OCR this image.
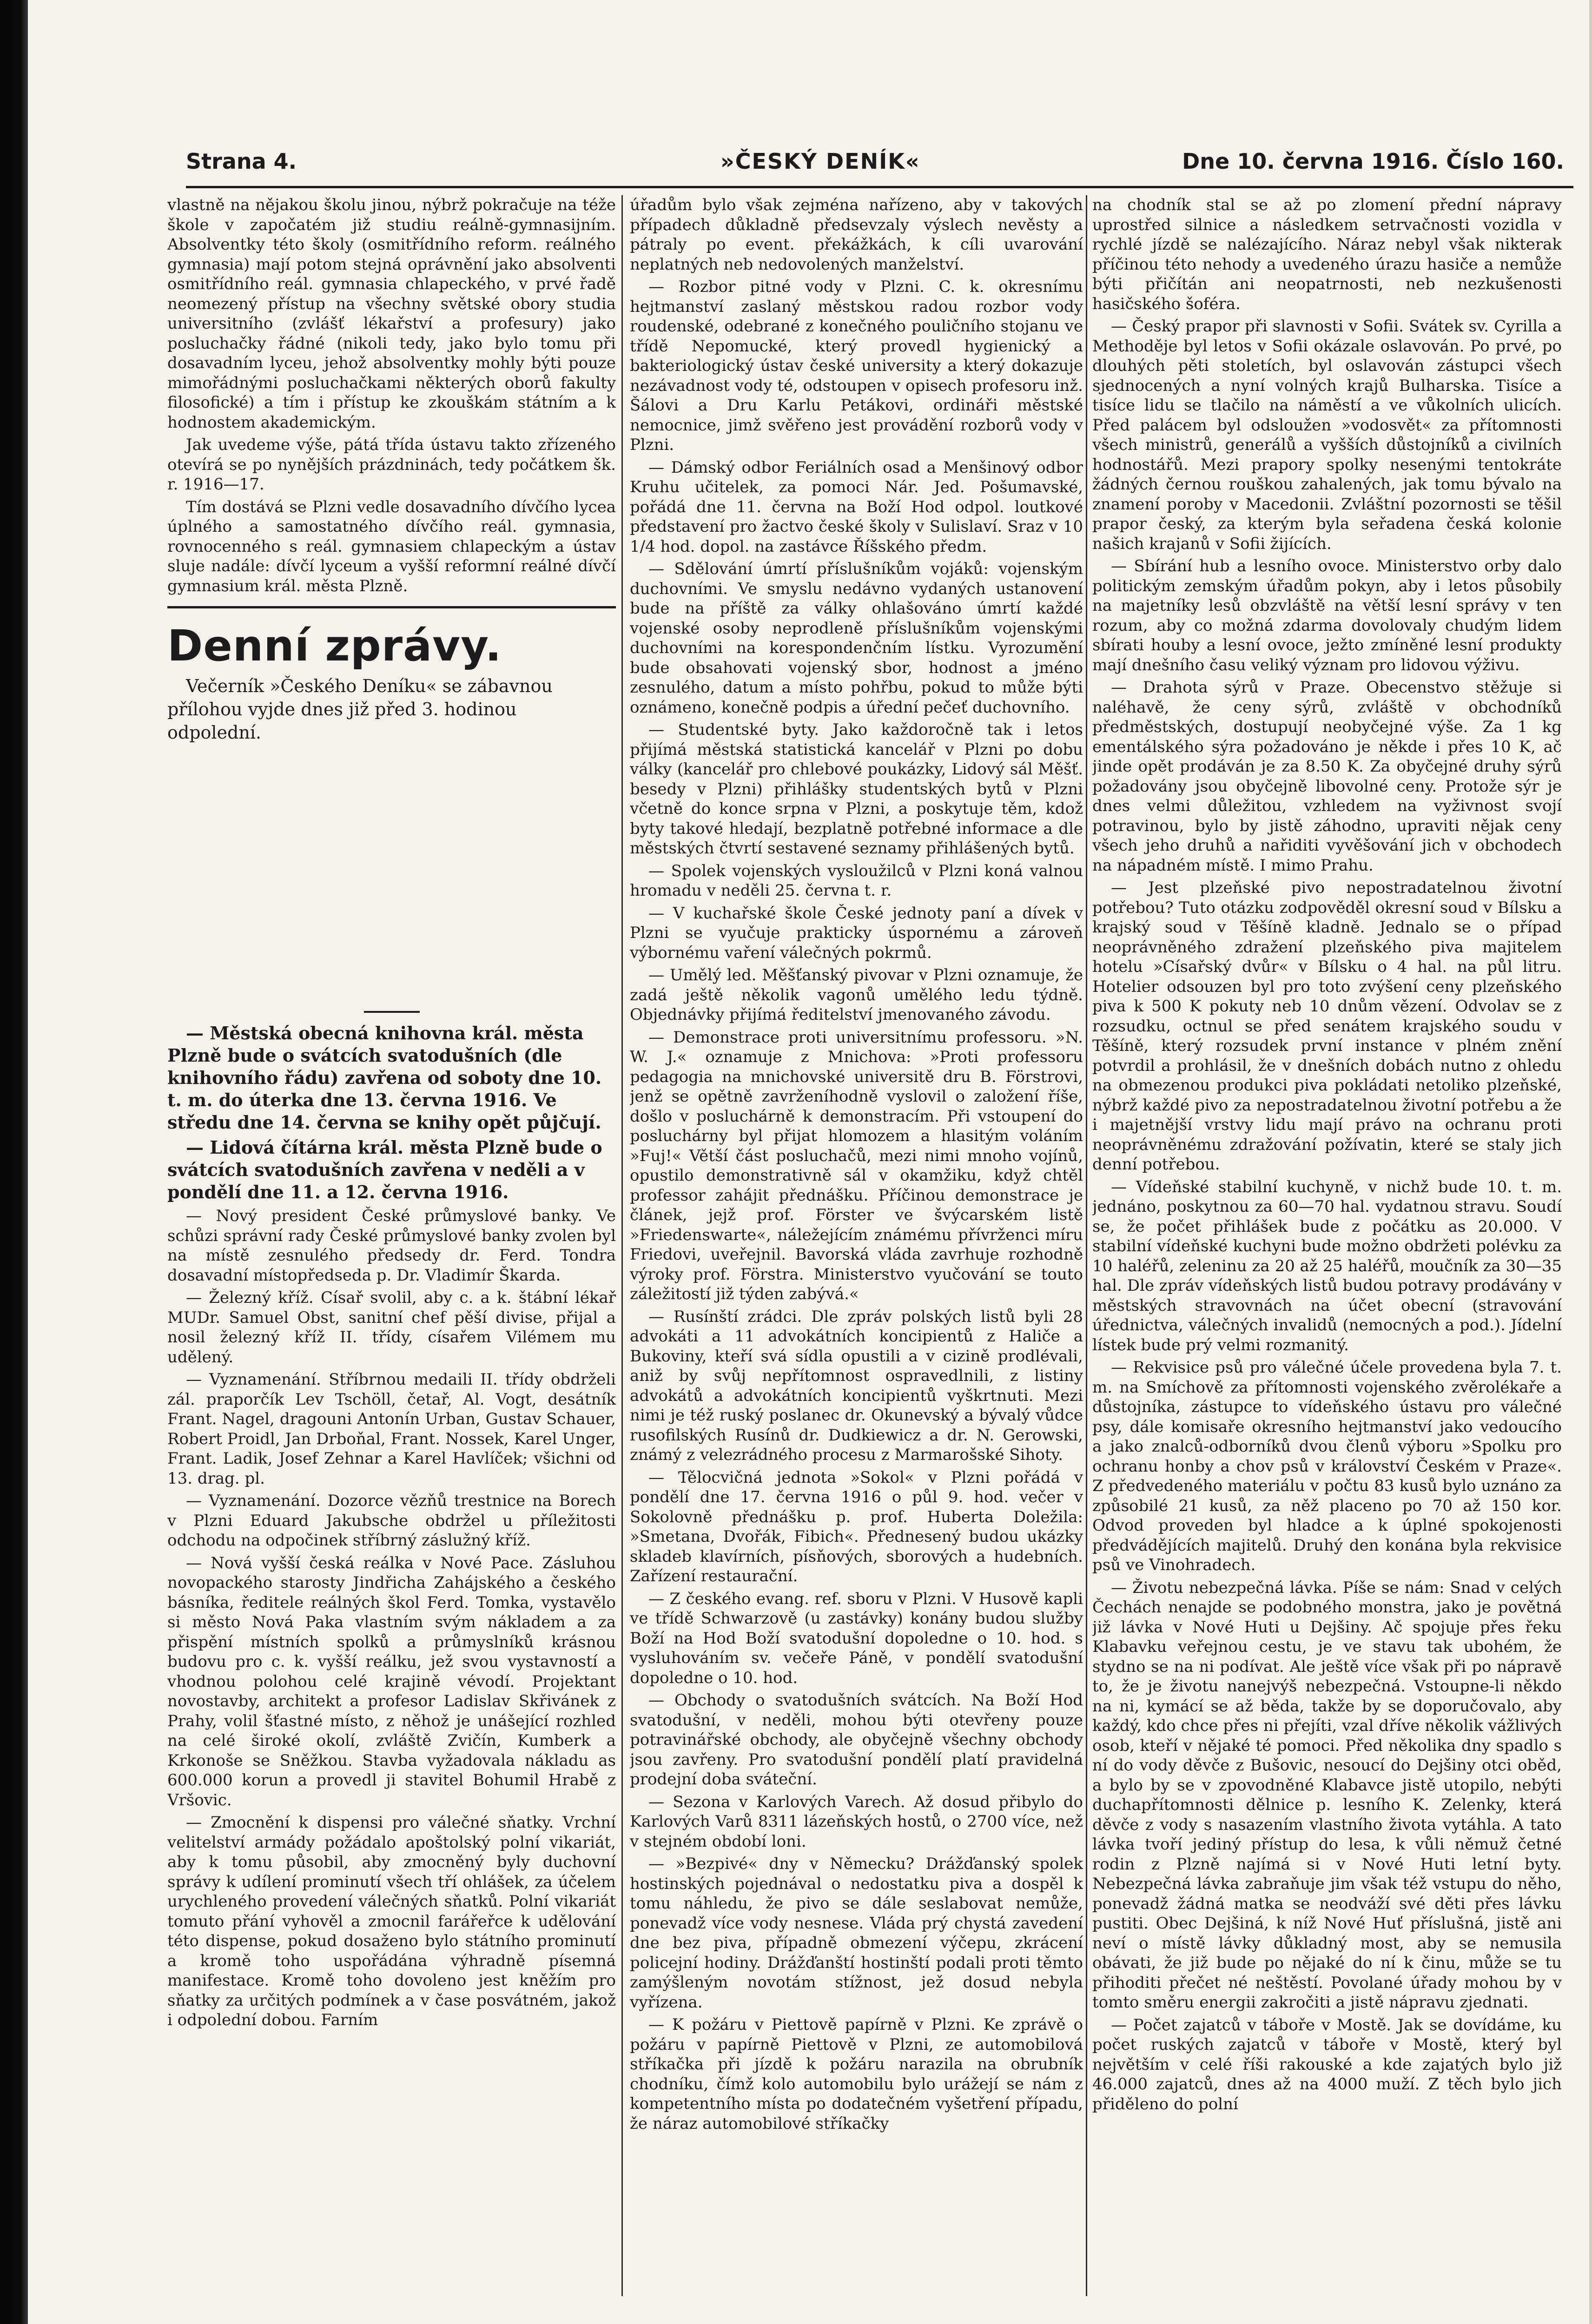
Strana 4.	»ČESKÝ DENÍK«	Dne 10. června 1916. Číslo 160.

vlastně na nějakou školu jinou, nýbrž pokračuje na téže škole v započatém již studiu reálně-gymnasijním. Absolventky této školy (osmitřídního reform. reálného gymnasia) mají potom stejná oprávnění jako absolventi osmitřídního reál. gymnasia chlapeckého, v prvé řadě neomezený přístup na všechny světské obory studia universitního (zvlášť lékařství a profesury) jako posluchačky řádné (nikoli tedy, jako bylo tomu při dosavadním lyceu, jehož absolventky mohly býti pouze mimořádnými posluchačkami některých oborů fakulty filosofické) a tím i přístup ke zkouškám státním a k hodnostem akademickým.

Jak uvedeme výše, pátá třída ústavu takto zřízeného otevírá se po nynějších prázdninách, tedy počátkem šk. r. 1916—17.

Tím dostává se Plzni vedle dosavadního dívčího lycea úplného a samostatného dívčího reál. gymnasia, rovnocenného s reál. gymnasiem chlapeckým a ústav sluje nadále: dívčí lyceum a vyšší reformní reálné dívčí gymnasium král. města Plzně.

Denní zprávy.

Večerník »Českého Deníku« se zábavnou přílohou vyjde dnes již před 3. hodinou odpolední.

— Městská obecná knihovna král. města Plzně bude o svátcích svatodušních (dle knihovního řádu) zavřena od soboty dne 10. t. m. do úterka dne 13. června 1916. Ve středu dne 14. června se knihy opět půjčují.

— Lidová čítárna král. města Plzně bude o svátcích svatodušních zavřena v neděli a v pondělí dne 11. a 12. června 1916.

— Nový president České průmyslové banky. Ve schůzi správní rady České průmyslové banky zvolen byl na místě zesnulého předsedy dr. Ferd. Tondra dosavadní místopředseda p. Dr. Vladimír Škarda.

— Železný kříž. Císař svolil, aby c. a k. štábní lékař MUDr. Samuel Obst, sanitní chef pěší divise, přijal a nosil železný kříž II. třídy, císařem Vilémem mu udělený.

— Vyznamenání. Stříbrnou medaili II. třídy obdrželi zál. praporčík Lev Tschöll, četař, Al. Vogt, desátník Frant. Nagel, dragouni Antonín Urban, Gustav Schauer, Robert Proidl, Jan Drboňal, Frant. Nossek, Karel Unger, Frant. Ladik, Josef Zehnar a Karel Havlíček; všichni od 13. drag. pl.

— Vyznamenání. Dozorce vězňů trestnice na Borech v Plzni Eduard Jakubsche obdržel u příležitosti odchodu na odpočinek stříbrný záslužný kříž.

— Nová vyšší česká reálka v Nové Pace. Zásluhou novopackého starosty Jindřicha Zahájského a českého básníka, ředitele reálných škol Ferd. Tomka, vystavělo si město Nová Paka vlastním svým nákladem a za přispění místních spolků a průmyslníků krásnou budovu pro c. k. vyšší reálku, jež svou vystavností a vhodnou polohou celé krajině vévodí. Projektant novostavby, architekt a profesor Ladislav Skřivánek z Prahy, volil šťastné místo, z něhož je unášející rozhled na celé široké okolí, zvláště Zvičín, Kumberk a Krkonoše se Sněžkou. Stavba vyžadovala nákladu as 600.000 korun a provedl ji stavitel Bohumil Hrabě z Vršovic.

— Zmocnění k dispensi pro válečné sňatky. Vrchní velitelství armády požádalo apoštolský polní vikariát, aby k tomu působil, aby zmocněný byly duchovní správy k udílení prominutí všech tří ohlášek, za účelem urychleného provedení válečných sňatků. Polní vikariát tomuto přání vyhověl a zmocnil farářeřce k udělování této dispense, pokud dosaženo bylo státního prominutí a kromě toho uspořádána výhradně písemná manifestace. Kromě toho dovoleno jest kněžím pro sňatky za určitých podmínek a v čase posvátném, jakož i odpolední dobou. Farním

úřadům bylo však zejména nařízeno, aby v takových případech důkladně předsevzaly výslech nevěsty a pátraly po event. překážkách, k cíli uvarování neplatných neb nedovolených manželství.

— Rozbor pitné vody v Plzni. C. k. okresnímu hejtmanství zaslaný městskou radou rozbor vody roudenské, odebrané z konečného pouličního stojanu ve třídě Nepomucké, který provedl hygienický a bakteriologický ústav české university a který dokazuje nezávadnost vody té, odstoupen v opisech profesoru inž. Šálovi a Dru Karlu Petákovi, ordináři městské nemocnice, jimž svěřeno jest provádění rozborů vody v Plzni.

— Dámský odbor Feriálních osad a Menšinový odbor Kruhu učitelek, za pomoci Nár. Jed. Pošumavské, pořádá dne 11. června na Boží Hod odpol. loutkové představení pro žactvo české školy v Sulislaví. Sraz v 10 1/4 hod. dopol. na zastávce Říšského předm.

— Sdělování úmrtí příslušníkům vojáků: vojenským duchovními. Ve smyslu nedávno vydaných ustanovení bude na příště za války ohlašováno úmrtí každé vojenské osoby neprodleně příslušníkům vojenskými duchovními na korespondenčním lístku. Vyrozumění bude obsahovati vojenský sbor, hodnost a jméno zesnulého, datum a místo pohřbu, pokud to může býti oznámeno, konečně podpis a úřední pečeť duchovního.

— Studentské byty. Jako každoročně tak i letos přijímá městská statistická kancelář v Plzni po dobu války (kancelář pro chlebové poukázky, Lidový sál Měšť. besedy v Plzni) přihlášky studentských bytů v Plzni včetně do konce srpna v Plzni, a poskytuje těm, kdož byty takové hledají, bezplatně potřebné informace a dle městských čtvrtí sestavené seznamy přihlášených bytů.

— Spolek vojenských vysloužilců v Plzni koná valnou hromadu v neděli 25. června t. r.

— V kuchařské škole České jednoty paní a dívek v Plzni se vyučuje prakticky úspornému a zároveň výbornému vaření válečných pokrmů.

— Umělý led. Měšťanský pivovar v Plzni oznamuje, že zadá ještě několik vagonů umělého ledu týdně. Objednávky přijímá ředitelství jmenovaného závodu.

— Demonstrace proti universitnímu professoru. »N. W. J.« oznamuje z Mnichova: »Proti professoru pedagogia na mnichovské universitě dru B. Förstrovi, jenž se opětně zavrženíhodně vyslovil o založení říše, došlo v posluchárně k demonstracím. Při vstoupení do posluchárny byl přijat hlomozem a hlasitým voláním »Fuj!« Větší část posluchačů, mezi nimi mnoho vojínů, opustilo demonstrativně sál v okamžiku, když chtěl professor zahájit přednášku. Příčinou demonstrace je článek, jejž prof. Förster ve švýcarském listě »Friedenswarte«, náležejícím známému přívrženci míru Friedovi, uveřejnil. Bavorská vláda zavrhuje rozhodně výroky prof. Förstra. Ministerstvo vyučování se touto záležitostí již týden zabývá.«

— Rusínští zrádci. Dle zpráv polských listů byli 28 advokáti a 11 advokátních koncipientů z Haliče a Bukoviny, kteří svá sídla opustili a v cizině prodlévali, aniž by svůj nepřítomnost ospravedlnili, z listiny advokátů a advokátních koncipientů vyškrtnuti. Mezi nimi je též ruský poslanec dr. Okunevský a bývalý vůdce rusofilských Rusínů dr. Dudkiewicz a dr. N. Gerowski, známý z velezrádného procesu z Marmarošské Sihoty.

— Tělocvičná jednota »Sokol« v Plzni pořádá v pondělí dne 17. června 1916 o půl 9. hod. večer v Sokolovně přednášku p. prof. Huberta Doležila: »Smetana, Dvořák, Fibich«. Přednesený budou ukázky skladeb klavírních, písňových, sborových a hudebních. Zařízení restaurační.

— Z českého evang. ref. sboru v Plzni. V Husově kapli ve třídě Schwarzově (u zastávky) konány budou služby Boží na Hod Boží svatodušní dopoledne o 10. hod. s vysluhováním sv. večeře Páně, v pondělí svatodušní dopoledne o 10. hod.

— Obchody o svatodušních svátcích. Na Boží Hod svatodušní, v neděli, mohou býti otevřeny pouze potravinářské obchody, ale obyčejně všechny obchody jsou zavřeny. Pro svatodušní pondělí platí pravidelná prodejní doba sváteční.

— Sezona v Karlových Varech. Až dosud přibylo do Karlových Varů 8311 lázeňských hostů, o 2700 více, než v stejném období loni.

— »Bezpivé« dny v Německu? Drážďanský spolek hostinských pojednával o nedostatku piva a dospěl k tomu náhledu, že pivo se dále seslabovat nemůže, ponevadž více vody nesnese. Vláda prý chystá zavedení dne bez piva, případně obmezení výčepu, zkrácení policejní hodiny. Drážďanští hostinští podali proti těmto zamýšleným novotám stížnost, jež dosud nebyla vyřízena.

— K požáru v Piettově papírně v Plzni. Ke zprávě o požáru v papírně Piettově v Plzni, ze automobilová stříkačka při jízdě k požáru narazila na obrubník chodníku, čímž kolo automobilu bylo urážejí se nám z kompetentního místa po dodatečném vyšetření případu, že náraz automobilové stříkačky

na chodník stal se až po zlomení přední nápravy uprostřed silnice a následkem setrvačnosti vozidla v rychlé jízdě se nalézajícího. Náraz nebyl však nikterak příčinou této nehody a uvedeného úrazu hasiče a nemůže býti přičítán ani neopatrnosti, neb nezkušenosti hasičského šoféra.

— Český prapor při slavnosti v Sofii. Svátek sv. Cyrilla a Methoděje byl letos v Sofii okázale oslavován. Po prvé, po dlouhých pěti stoletích, byl oslavován zástupci všech sjednocených a nyní volných krajů Bulharska. Tisíce a tisíce lidu se tlačilo na náměstí a ve vůkolních ulicích. Před palácem byl odsloužen »vodosvět« za přítomnosti všech ministrů, generálů a vyšších důstojníků a civilních hodnostářů. Mezi prapory spolky nesenými tentokráte žádných černou rouškou zahalených, jak tomu bývalo na znamení poroby v Macedonii. Zvláštní pozornosti se těšil prapor český, za kterým byla seřadena česká kolonie našich krajanů v Sofii žijících.

— Sbírání hub a lesního ovoce. Ministerstvo orby dalo politickým zemským úřadům pokyn, aby i letos působily na majetníky lesů obzvláště na větší lesní správy v ten rozum, aby co možná zdarma dovolovaly chudým lidem sbírati houby a lesní ovoce, ježto zmíněné lesní produkty mají dnešního času veliký význam pro lidovou výživu.

— Drahota sýrů v Praze. Obecenstvo stěžuje si naléhavě, že ceny sýrů, zvláště v obchodníků předměstských, dostupují neobyčejné výše. Za 1 kg ementálského sýra požadováno je někde i přes 10 K, ač jinde opět prodáván je za 8.50 K. Za obyčejné druhy sýrů požadovány jsou obyčejně libovolné ceny. Protože sýr je dnes velmi důležitou, vzhledem na vyživnost svojí potravinou, bylo by jistě záhodno, upraviti nějak ceny všech jeho druhů a nařiditi vyvěšování jich v obchodech na nápadném místě. I mimo Prahu.

— Jest plzeňské pivo nepostradatelnou životní potřebou? Tuto otázku zodpověděl okresní soud v Bílsku a krajský soud v Těšíně kladně. Jednalo se o případ neoprávněného zdražení plzeňského piva majitelem hotelu »Císařský dvůr« v Bílsku o 4 hal. na půl litru. Hotelier odsouzen byl pro toto zvýšení ceny plzeňského piva k 500 K pokuty neb 10 dnům vězení. Odvolav se z rozsudku, octnul se před senátem krajského soudu v Těšíně, který rozsudek první instance v plném znění potvrdil a prohlásil, že v dnešních dobách nutno z ohledu na obmezenou produkci piva pokládati netoliko plzeňské, nýbrž každé pivo za nepostradatelnou životní potřebu a že i majetnější vrstvy lidu mají právo na ochranu proti neoprávněnému zdražování požívatin, které se staly jich denní potřebou.

— Vídeňské stabilní kuchyně, v nichž bude 10. t. m. jednáno, poskytnou za 60—70 hal. vydatnou stravu. Soudí se, že počet přihlášek bude z počátku as 20.000. V stabilní vídeňské kuchyni bude možno obdržeti polévku za 10 haléřů, zeleninu za 20 až 25 haléřů, moučník za 30—35 hal. Dle zpráv vídeňských listů budou potravy prodávány v městských stravovnách na účet obecní (stravování úřednictva, válečných invalidů (nemocných a pod.). Jídelní lístek bude prý velmi rozmanitý.

— Rekvisice psů pro válečné účele provedena byla 7. t. m. na Smíchově za přítomnosti vojenského zvěrolékaře a důstojníka, zástupce to vídeňského ústavu pro válečné psy, dále komisaře okresního hejtmanství jako vedoucího a jako znalců-odborníků dvou členů výboru »Spolku pro ochranu honby a chov psů v království Českém v Praze«. Z předvedeného materiálu v počtu 83 kusů bylo uznáno za způsobilé 21 kusů, za něž placeno po 70 až 150 kor. Odvod proveden byl hladce a k úplné spokojenosti předvádějících majitelů. Druhý den konána byla rekvisice psů ve Vinohradech.

— Životu nebezpečná lávka. Píše se nám: Snad v celých Čechách nenajde se podobného monstra, jako je povětná již lávka v Nové Huti u Dejšiny. Ač spojuje přes řeku Klabavku veřejnou cestu, je ve stavu tak ubohém, že stydno se na ni podívat. Ale ještě více však při po nápravě to, že je životu nanejvýš nebezpečná. Vstoupne-li někdo na ni, kymácí se až běda, takže by se doporučovalo, aby každý, kdo chce přes ni přejíti, vzal dříve několik vážlivých osob, kteří v nějaké té pomoci. Před několika dny spadlo s ní do vody děvče z Bušovic, nesoucí do Dejšiny otci oběd, a bylo by se v zpovodněné Klabavce jistě utopilo, nebýti duchapřítomnosti dělnice p. lesního K. Zelenky, která děvče z vody s nasazením vlastního života vytáhla. A tato lávka tvoří jediný přístup do lesa, k vůli němuž četné rodin z Plzně najímá si v Nové Huti letní byty. Nebezpečná lávka zabraňuje jim však též vstupu do něho, ponevadž žádná matka se neodváží své děti přes lávku pustiti. Obec Dejšiná, k níž Nové Huť příslušná, jistě ani neví o místě lávky důkladný most, aby se nemusila obávati, že již bude po nějaké do ní k činu, může se tu přihoditi přečet né neštěstí. Povolané úřady mohou by v tomto směru energii zakročiti a jistě nápravu zjednati.

— Počet zajatců v táboře v Mostě. Jak se dovídáme, ku počet ruských zajatců v táboře v Mostě, který byl největším v celé říši rakouské a kde zajatých bylo již 46.000 zajatců, dnes až na 4000 muží. Z těch bylo jich přiděleno do polní
